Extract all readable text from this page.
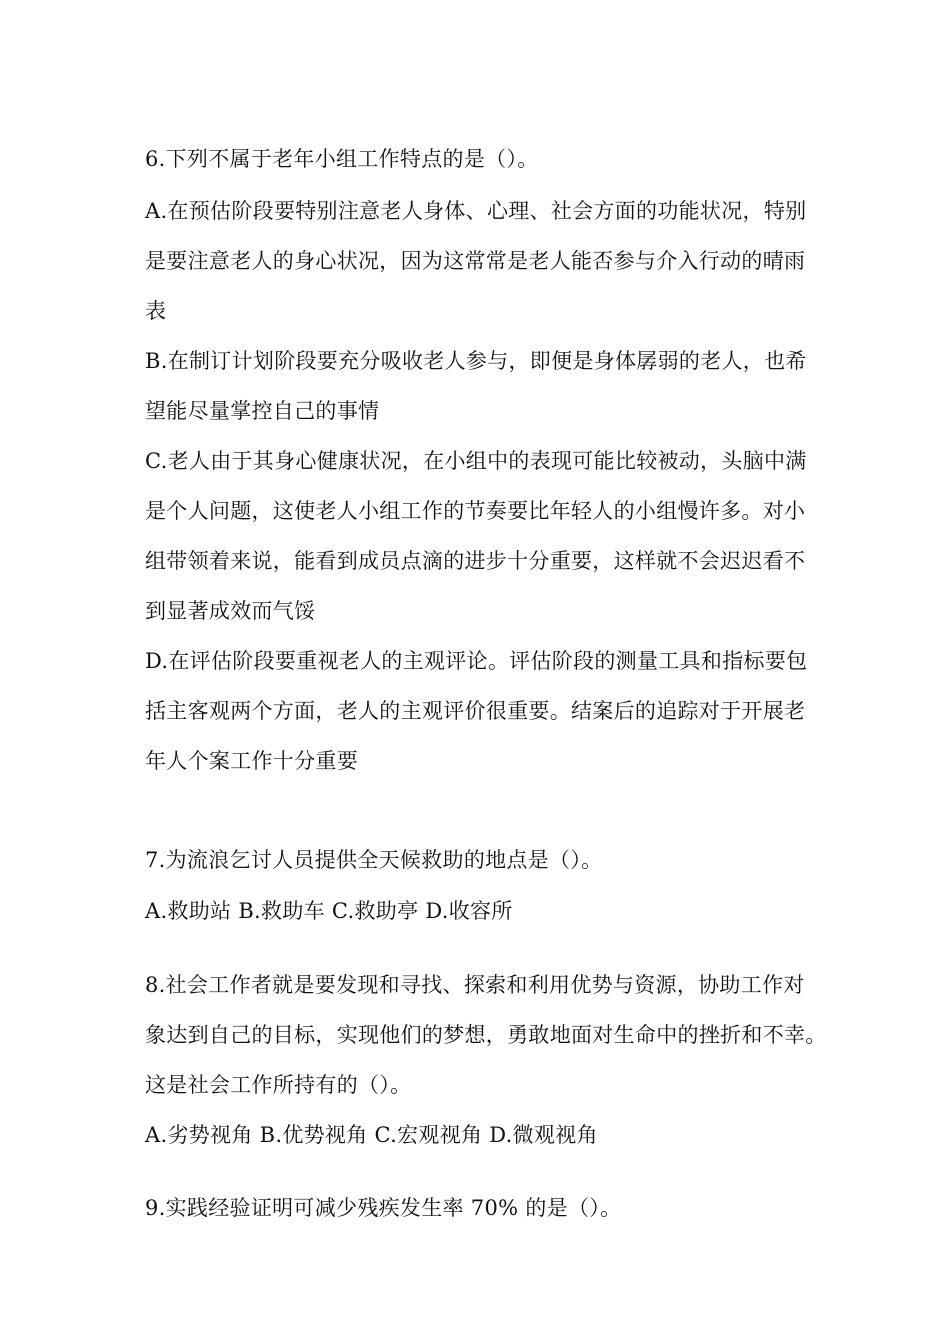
6.下列不属于老年小组工作特点的是（）。
A.在预估阶段要特别注意老人身体、心理、社会方面的功能状况，特别
是要注意老人的身心状况，因为这常常是老人能否参与介入行动的晴雨
表
B.在制订计划阶段要充分吸收老人参与，即便是身体孱弱的老人，也希
望能尽量掌控自己的事情
C.老人由于其身心健康状况，在小组中的表现可能比较被动，头脑中满
是个人问题，这使老人小组工作的节奏要比年轻人的小组慢许多。对小
组带领着来说，能看到成员点滴的进步十分重要，这样就不会迟迟看不
到显著成效而气馁
D.在评估阶段要重视老人的主观评论。评估阶段的测量工具和指标要包
括主客观两个方面，老人的主观评价很重要。结案后的追踪对于开展老
年人个案工作十分重要
7.为流浪乞讨人员提供全天候救助的地点是（）。
A.救助站 B.救助车 C.救助亭 D.收容所
8.社会工作者就是要发现和寻找、探索和利用优势与资源，协助工作对
象达到自己的目标，实现他们的梦想，勇敢地面对生命中的挫折和不幸。
这是社会工作所持有的（）。
A.劣势视角 B.优势视角 C.宏观视角 D.微观视角
9.实践经验证明可减少残疾发生率 70% 的是（）。
